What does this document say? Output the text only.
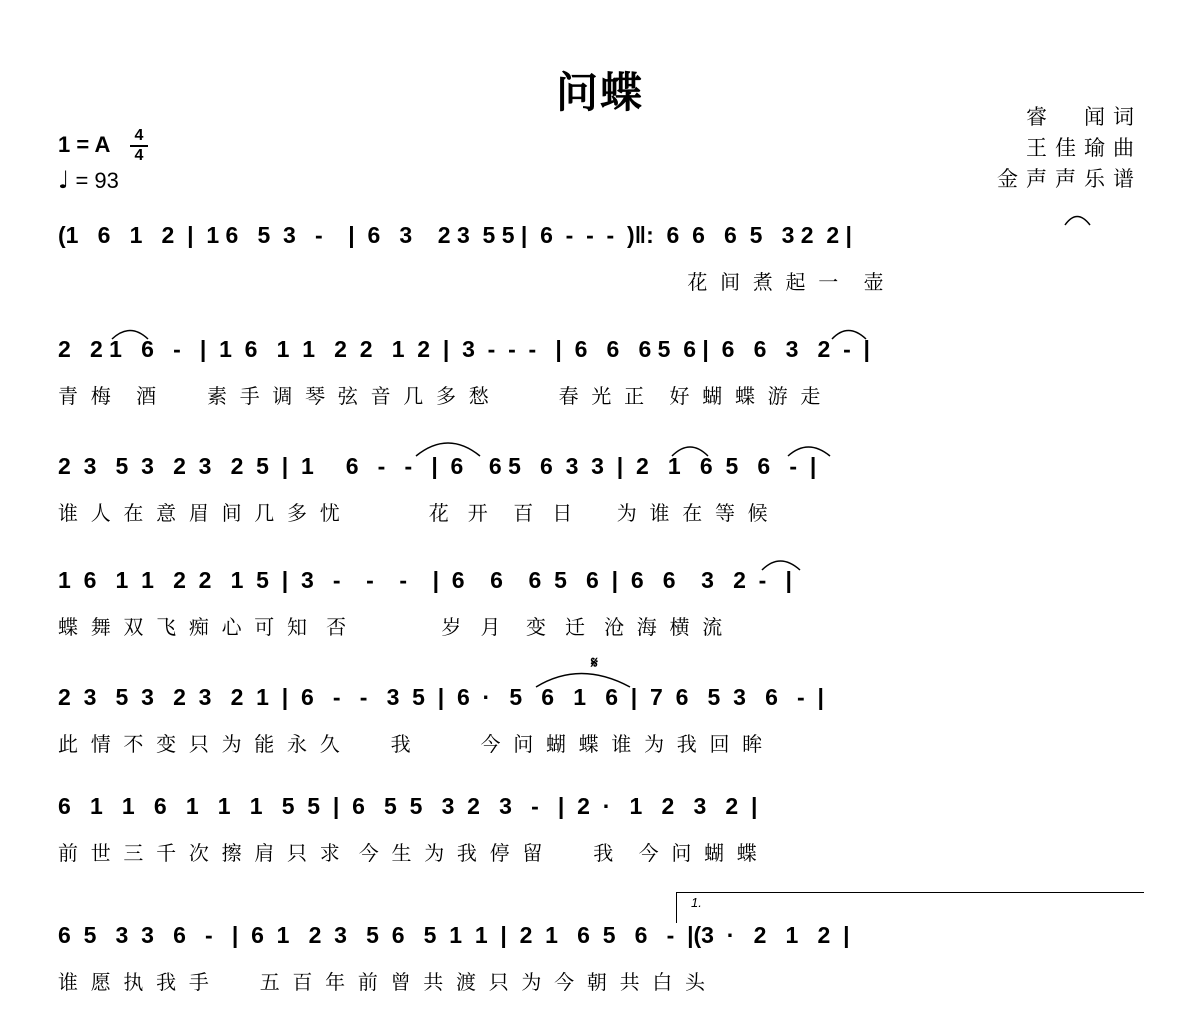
问蝶	睿　闻词
王佳瑜曲
金声声乐谱
1 = A 4
4
♩ = 93
(1   6   1   2  |  1 6   5  3   -    |  6   3    2 3  5 5 |  6  -  -  -  )‖:  6  6   6  5   3 2  2 |
花  间  煮  起  一    壶
2   2 1   6   -   |  1  6   1  1   2  2   1  2  |  3  -  -  -   |  6   6   6 5  6 |  6   6   3   2  -  |
青  梅    酒        素  手  调  琴  弦  音  几  多  愁           春  光  正    好  蝴  蝶  游  走
2  3   5  3   2  3   2  5  |  1     6   -   -   |  6    6 5   6  3  3  |  2   1   6  5   6   -  |
谁  人  在  意  眉  间  几  多  忧              花   开    百   日       为  谁  在  等  候
1  6   1  1   2  2   1  5  |  3   -    -    -    |  6    6    6  5   6  |  6   6    3   2  -   |
蝶  舞  双  飞  痴  心  可  知   否               岁   月    变   迁   沧  海  横  流
2  3   5  3   2  3   2  1  |  6   -   -   3  5  |  6  ·   5   6   1   6  |  7  6   5  3   6   -  |
此  情  不  变  只  为  能  永  久        我           今  问  蝴  蝶  谁  为  我  回  眸
6   1   1   6   1   1   1   5  5  |  6   5  5   3  2   3   -   |  2  ·   1   2   3   2  |
前  世  三  千  次  擦  肩  只  求   今  生  为  我  停  留        我    今  问  蝴  蝶
6  5   3  3   6   -   |  6  1   2  3   5  6   5  1  1  |  2  1   6  5   6   -  |(3  ·   2   1   2  |
谁  愿  执  我  手        五  百  年  前  曾  共  渡  只  为  今  朝  共  白  头
𝄋
1.
